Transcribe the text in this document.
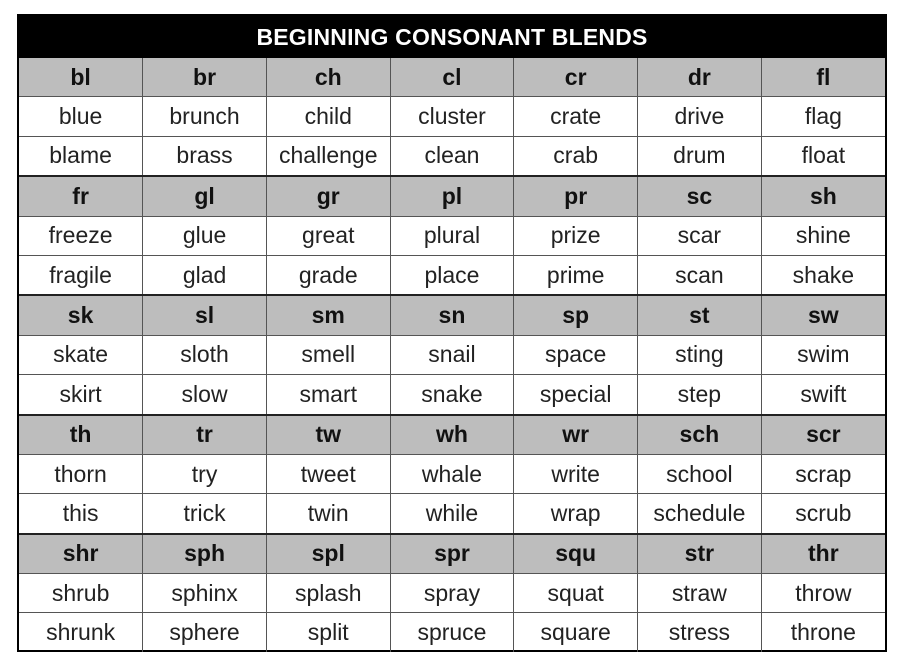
BEGINNING CONSONANT BLENDS
bl	br	ch	cl	cr	dr	fl
blue	brunch	child	cluster	crate	drive	flag
blame	brass	challenge	clean	crab	drum	float
fr	gl	gr	pl	pr	sc	sh
freeze	glue	great	plural	prize	scar	shine
fragile	glad	grade	place	prime	scan	shake
sk	sl	sm	sn	sp	st	sw
skate	sloth	smell	snail	space	sting	swim
skirt	slow	smart	snake	special	step	swift
th	tr	tw	wh	wr	sch	scr
thorn	try	tweet	whale	write	school	scrap
this	trick	twin	while	wrap	schedule	scrub
shr	sph	spl	spr	squ	str	thr
shrub	sphinx	splash	spray	squat	straw	throw
shrunk	sphere	split	spruce	square	stress	throne
